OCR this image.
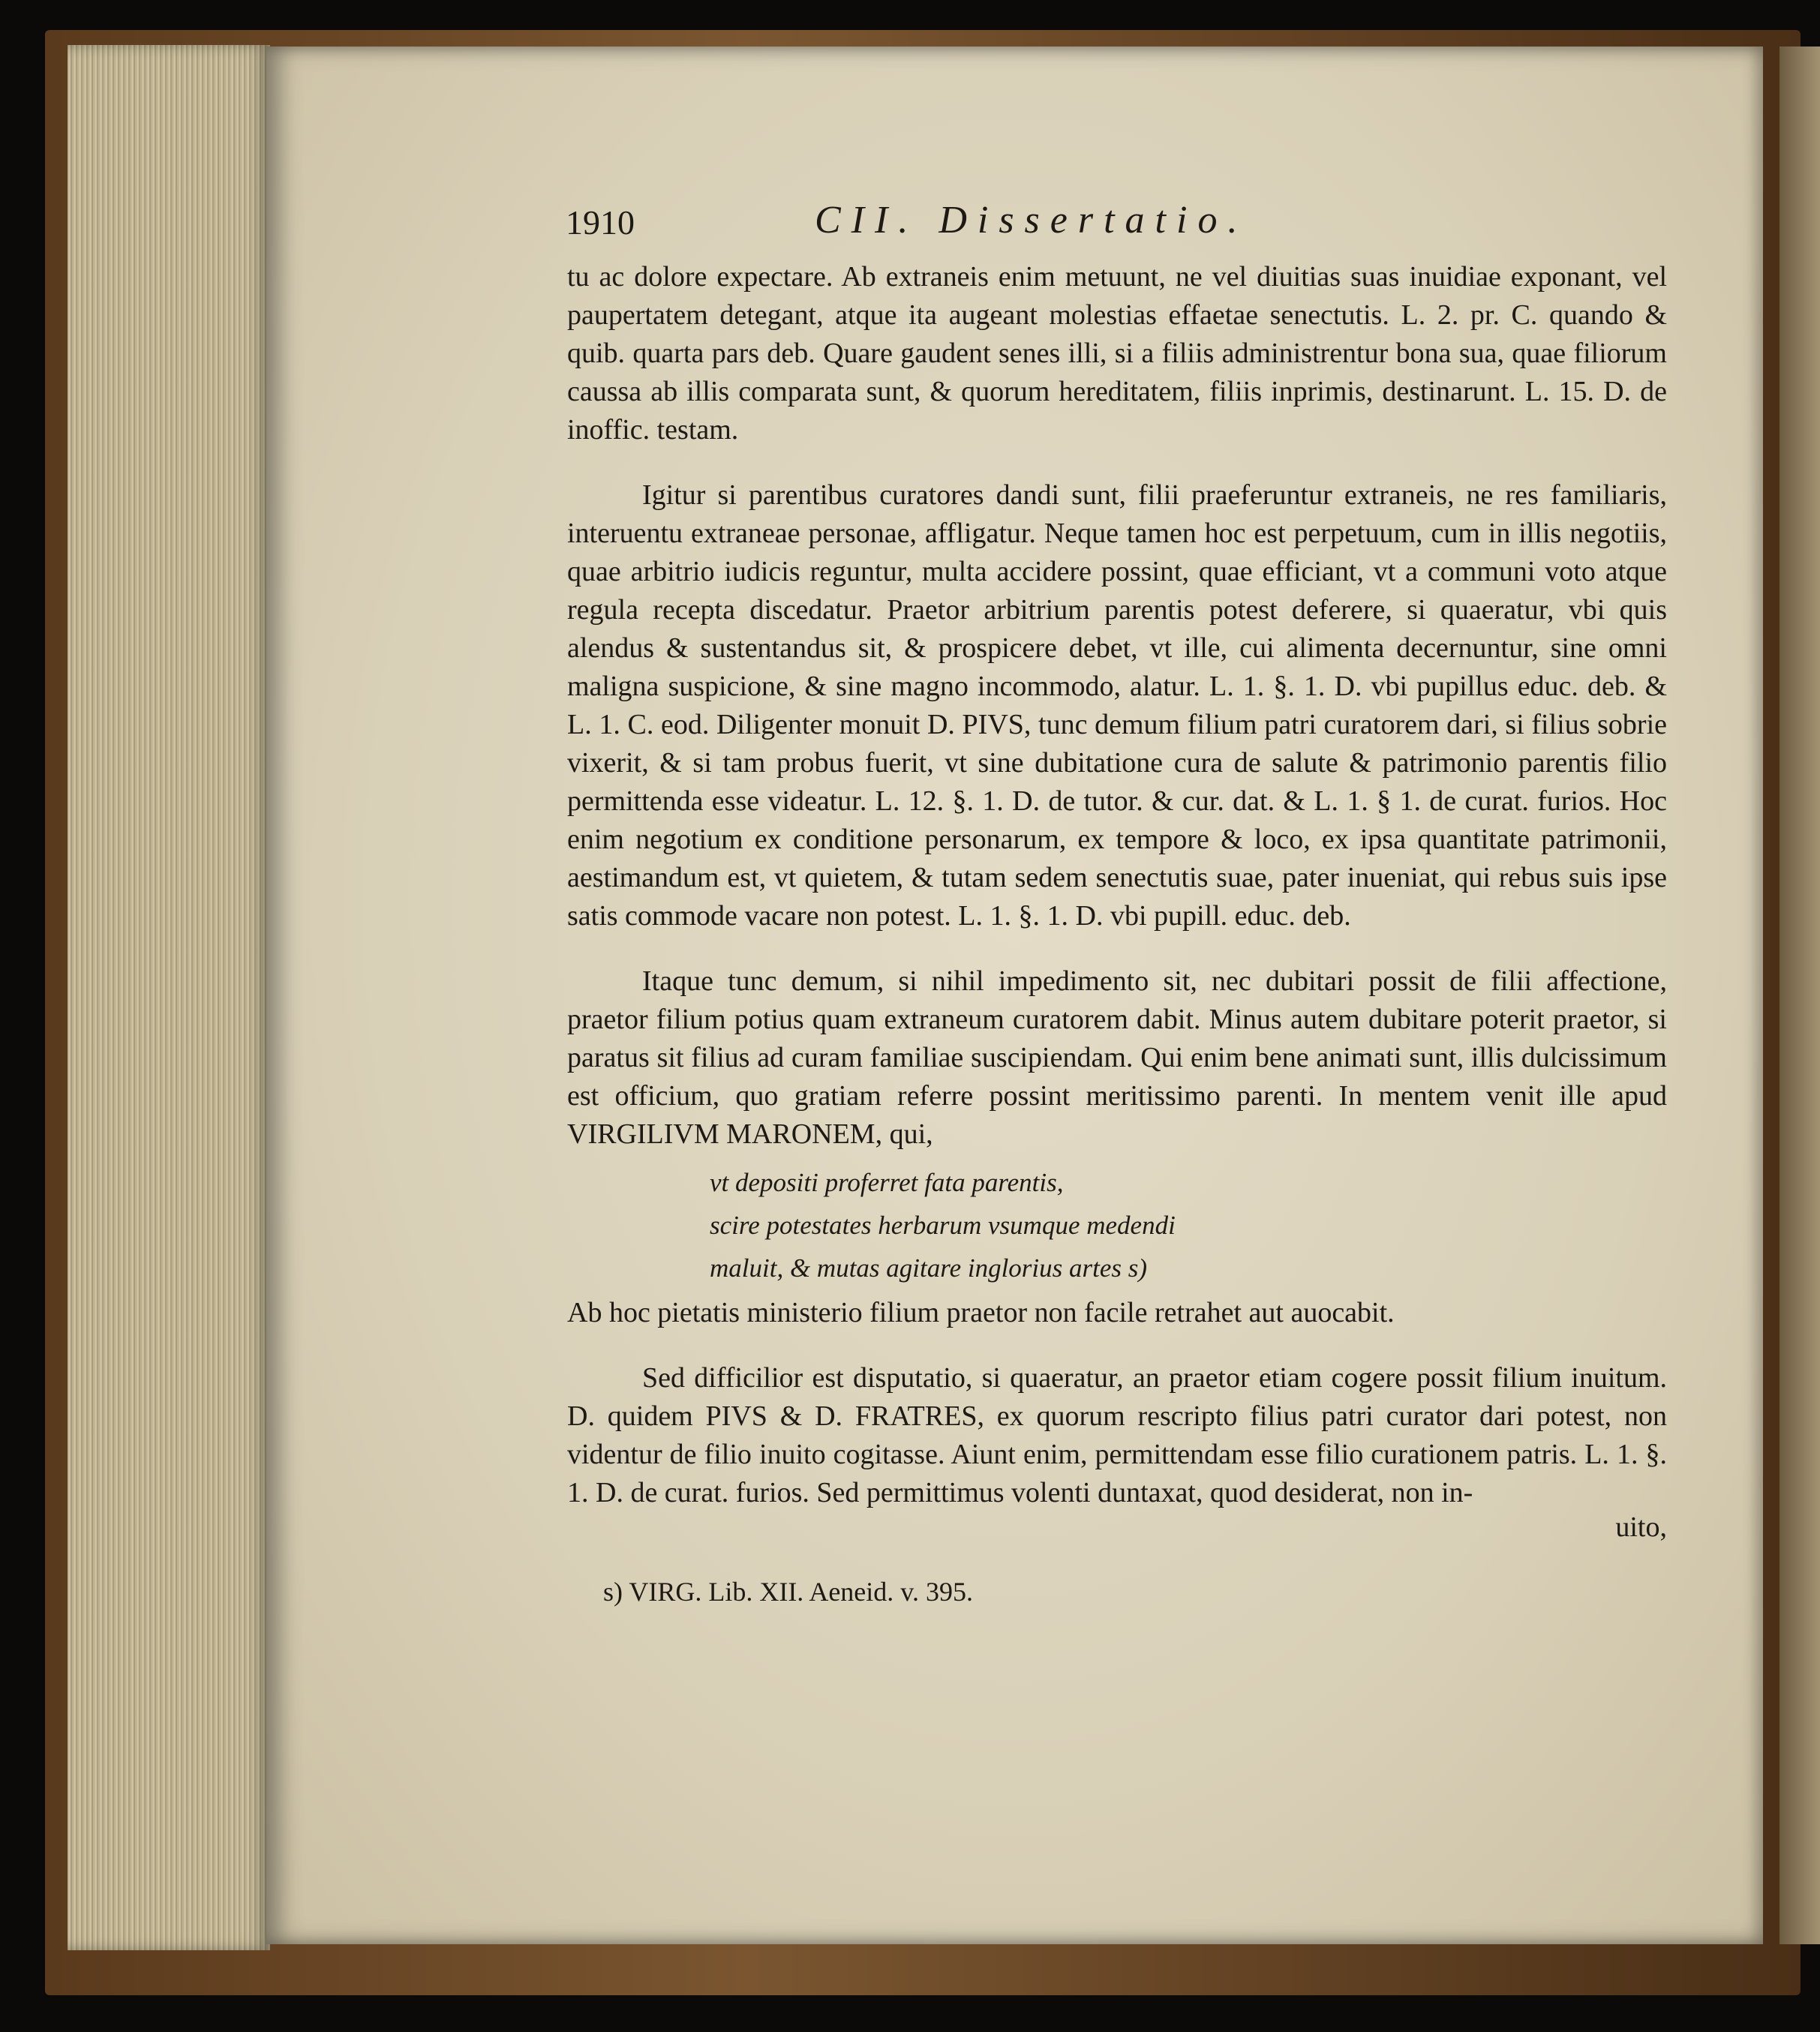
1910	CII. Dissertatio.

tu ac dolore expectare. Ab extraneis enim metuunt, ne vel diuitias suas inuidiae exponant, vel paupertatem detegant, atque ita augeant molestias effaetae senectutis. L. 2. pr. C. quando & quib. quarta pars deb. Quare gaudent senes illi, si a filiis administrentur bona sua, quae filiorum caussa ab illis comparata sunt, & quorum hereditatem, filiis inprimis, destinarunt. L. 15. D. de inoffic. testam.

Igitur si parentibus curatores dandi sunt, filii praeferuntur extraneis, ne res familiaris, interuentu extraneae personae, affligatur. Neque tamen hoc est perpetuum, cum in illis negotiis, quae arbitrio iudicis reguntur, multa accidere possint, quae efficiant, vt a communi voto atque regula recepta discedatur. Praetor arbitrium parentis potest deferere, si quaeratur, vbi quis alendus & sustentandus sit, & prospicere debet, vt ille, cui alimenta decernuntur, sine omni maligna suspicione, & sine magno incommodo, alatur. L. 1. §. 1. D. vbi pupillus educ. deb. & L. 1. C. eod. Diligenter monuit D. PIVS, tunc demum filium patri curatorem dari, si filius sobrie vixerit, & si tam probus fuerit, vt sine dubitatione cura de salute & patrimonio parentis filio permittenda esse videatur. L. 12. §. 1. D. de tutor. & cur. dat. & L. 1. § 1. de curat. furios. Hoc enim negotium ex conditione personarum, ex tempore & loco, ex ipsa quantitate patrimonii, aestimandum est, vt quietem, & tutam sedem senectutis suae, pater inueniat, qui rebus suis ipse satis commode vacare non potest. L. 1. §. 1. D. vbi pupill. educ. deb.

Itaque tunc demum, si nihil impedimento sit, nec dubitari possit de filii affectione, praetor filium potius quam extraneum curatorem dabit. Minus autem dubitare poterit praetor, si paratus sit filius ad curam familiae suscipiendam. Qui enim bene animati sunt, illis dulcissimum est officium, quo gratiam referre possint meritissimo parenti. In mentem venit ille apud VIRGILIVM MARONEM, qui,

vt depositi proferret fata parentis,
scire potestates herbarum vsumque medendi
maluit, & mutas agitare inglorius artes s)

Ab hoc pietatis ministerio filium praetor non facile retrahet aut auocabit.

Sed difficilior est disputatio, si quaeratur, an praetor etiam cogere possit filium inuitum. D. quidem PIVS & D. FRATRES, ex quorum rescripto filius patri curator dari potest, non videntur de filio inuito cogitasse. Aiunt enim, permittendam esse filio curationem patris. L. 1. §. 1. D. de curat. furios. Sed permittimus volenti duntaxat, quod desiderat, non in-

uito,

s) VIRG. Lib. XII. Aeneid. v. 395.
